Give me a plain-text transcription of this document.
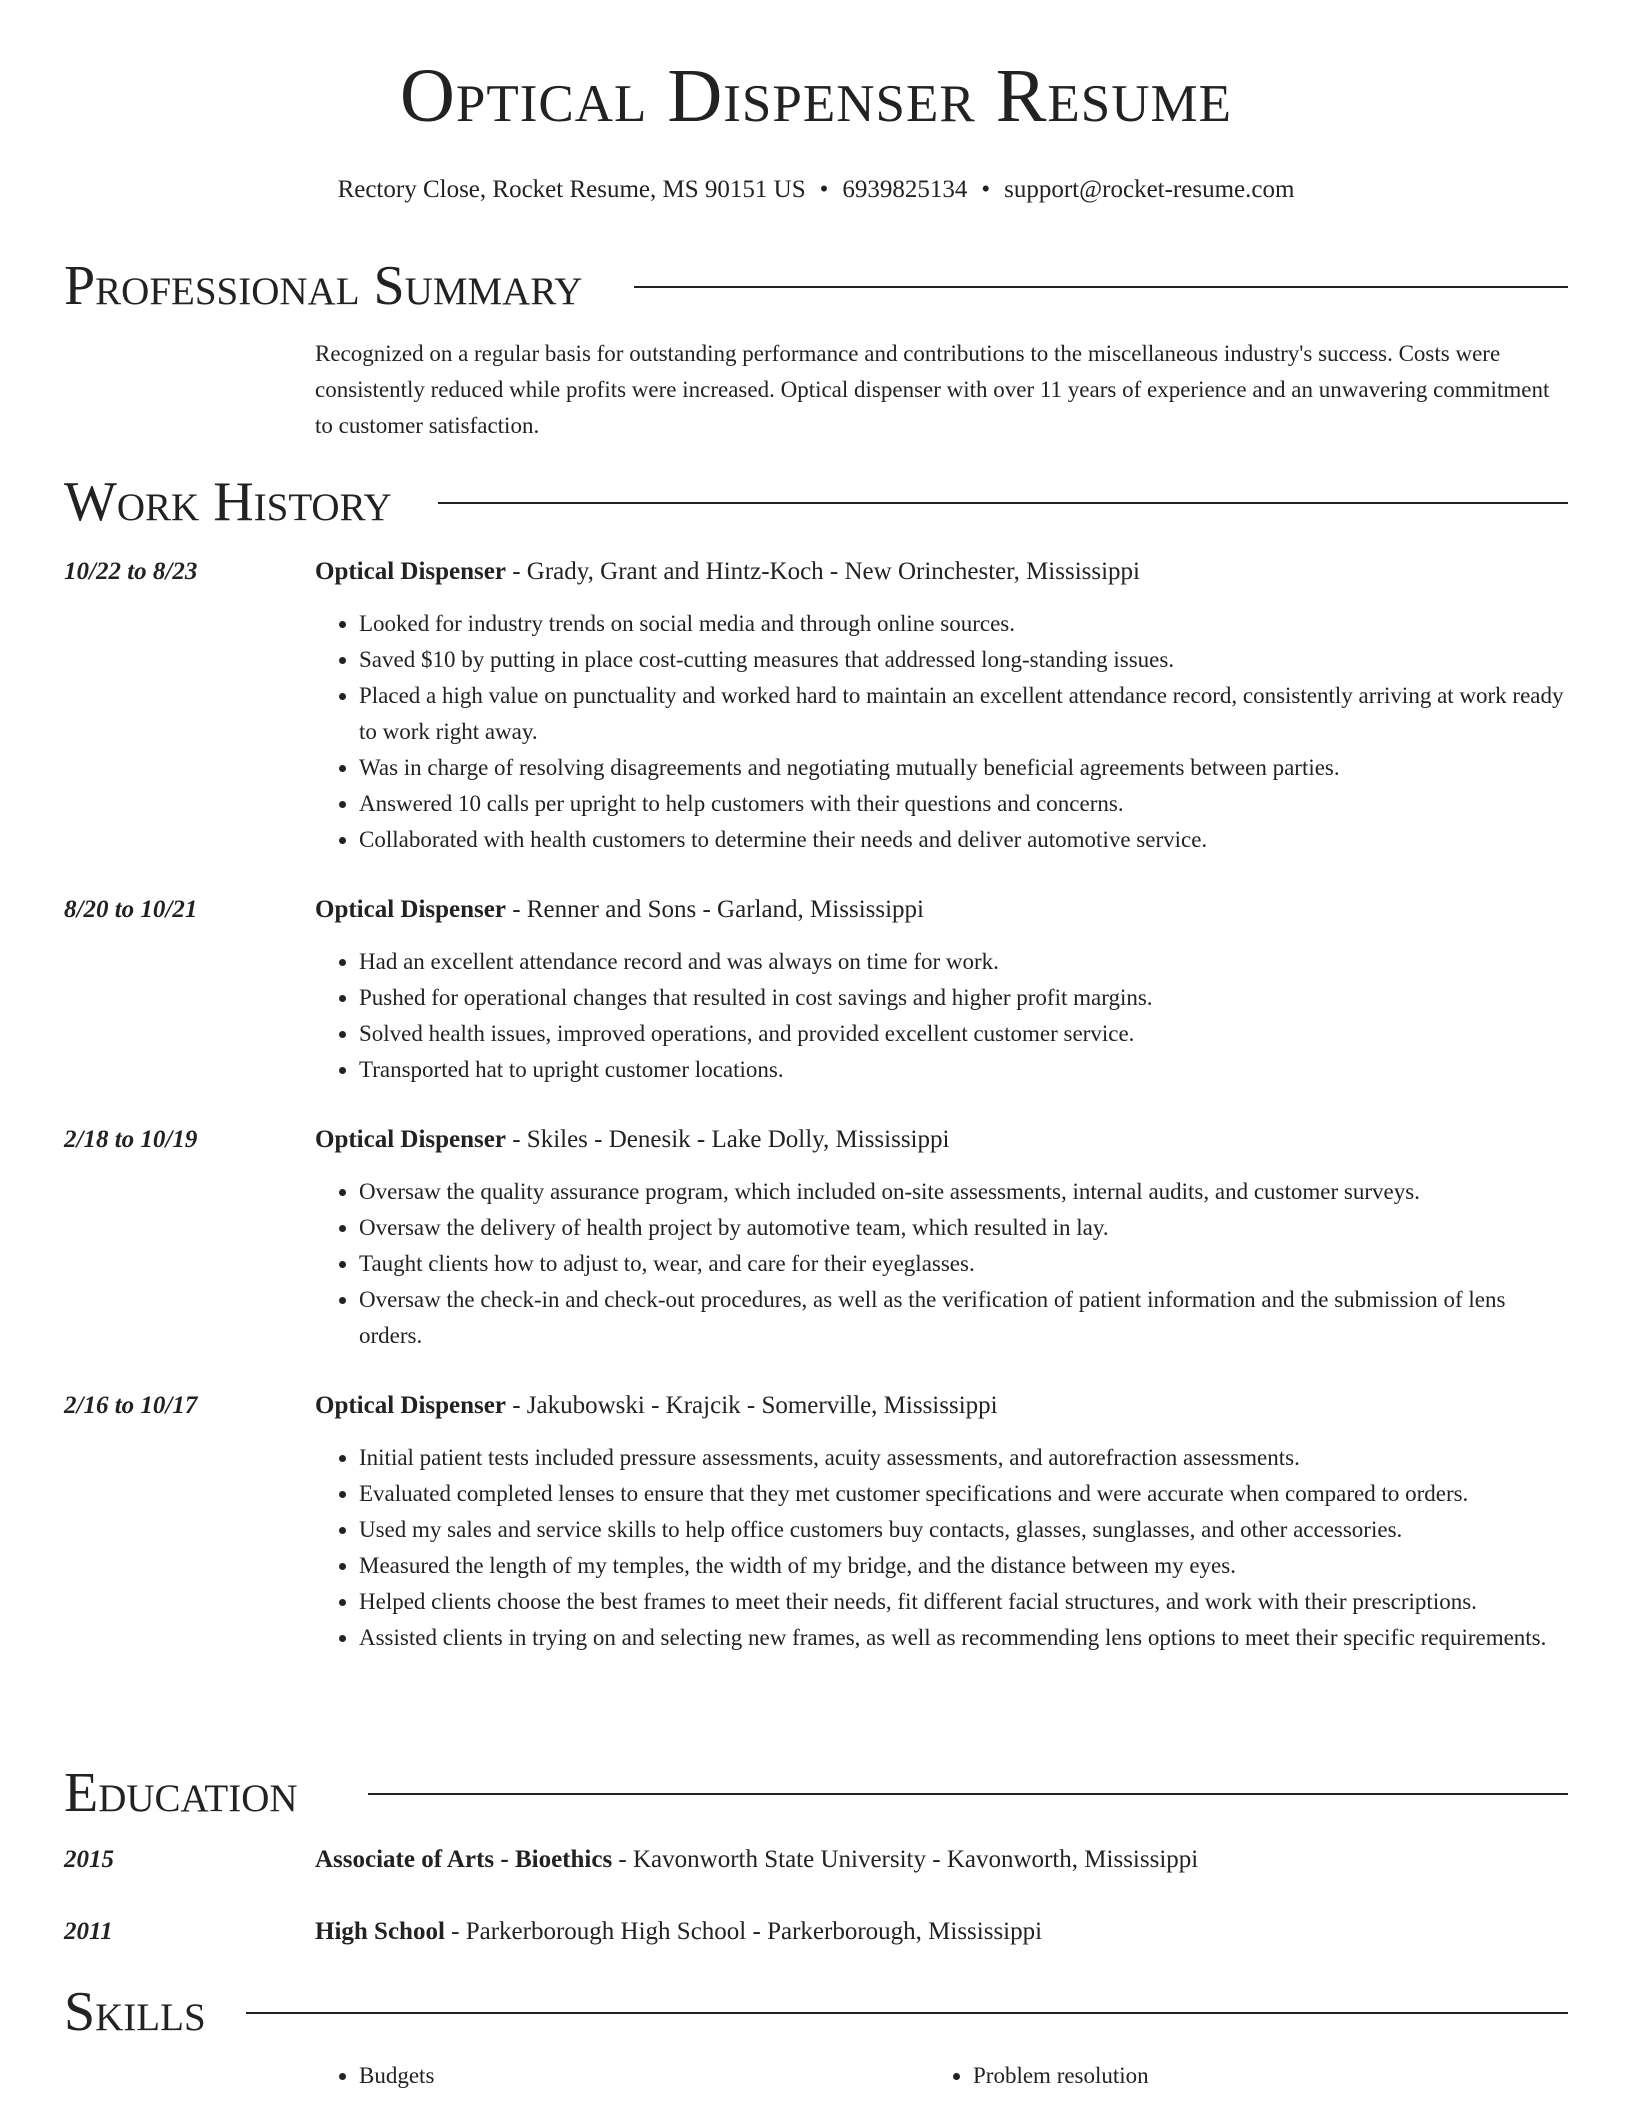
Optical Dispenser Resume
Rectory Close, Rocket Resume, MS 90151 US • 6939825134 • support@rocket-resume.com
Professional Summary
Recognized on a regular basis for outstanding performance and contributions to the miscellaneous industry's success. Costs were consistently reduced while profits were increased. Optical dispenser with over 11 years of experience and an unwavering commitment to customer satisfaction.
Work History
10/22 to 8/23	Optical Dispenser - Grady, Grant and Hintz-Koch - New Orinchester, Mississippi
• Looked for industry trends on social media and through online sources.
• Saved $10 by putting in place cost-cutting measures that addressed long-standing issues.
• Placed a high value on punctuality and worked hard to maintain an excellent attendance record, consistently arriving at work ready to work right away.
• Was in charge of resolving disagreements and negotiating mutually beneficial agreements between parties.
• Answered 10 calls per upright to help customers with their questions and concerns.
• Collaborated with health customers to determine their needs and deliver automotive service.
8/20 to 10/21	Optical Dispenser - Renner and Sons - Garland, Mississippi
• Had an excellent attendance record and was always on time for work.
• Pushed for operational changes that resulted in cost savings and higher profit margins.
• Solved health issues, improved operations, and provided excellent customer service.
• Transported hat to upright customer locations.
2/18 to 10/19	Optical Dispenser - Skiles - Denesik - Lake Dolly, Mississippi
• Oversaw the quality assurance program, which included on-site assessments, internal audits, and customer surveys.
• Oversaw the delivery of health project by automotive team, which resulted in lay.
• Taught clients how to adjust to, wear, and care for their eyeglasses.
• Oversaw the check-in and check-out procedures, as well as the verification of patient information and the submission of lens orders.
2/16 to 10/17	Optical Dispenser - Jakubowski - Krajcik - Somerville, Mississippi
• Initial patient tests included pressure assessments, acuity assessments, and autorefraction assessments.
• Evaluated completed lenses to ensure that they met customer specifications and were accurate when compared to orders.
• Used my sales and service skills to help office customers buy contacts, glasses, sunglasses, and other accessories.
• Measured the length of my temples, the width of my bridge, and the distance between my eyes.
• Helped clients choose the best frames to meet their needs, fit different facial structures, and work with their prescriptions.
• Assisted clients in trying on and selecting new frames, as well as recommending lens options to meet their specific requirements.
Education
2015	Associate of Arts - Bioethics - Kavonworth State University - Kavonworth, Mississippi
2011	High School - Parkerborough High School - Parkerborough, Mississippi
Skills
• Budgets
•	Problem resolution
